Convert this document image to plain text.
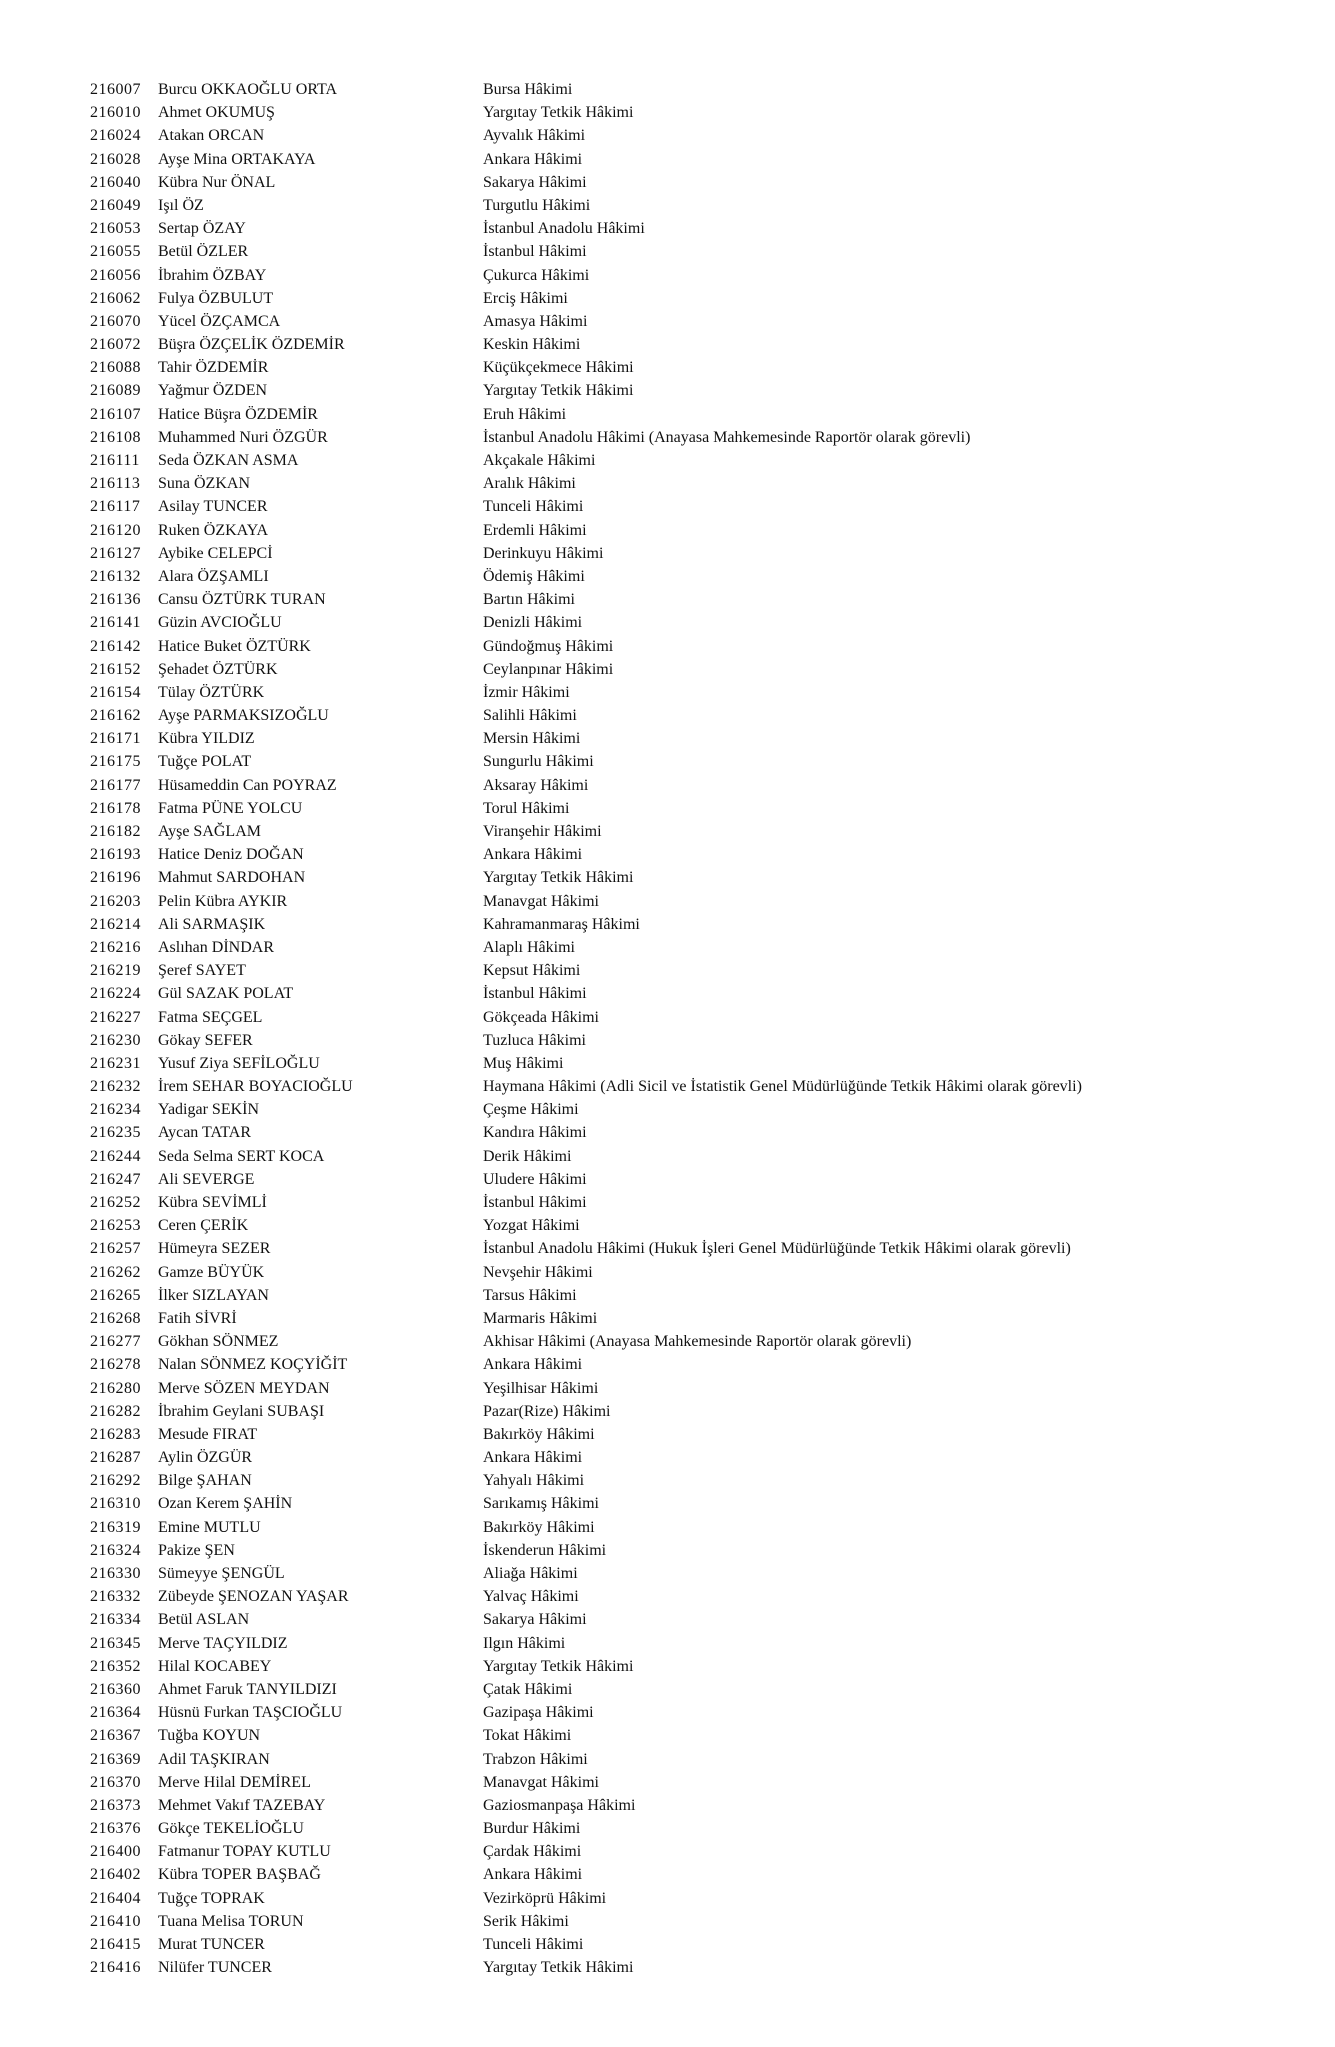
216007	Burcu OKKAOĞLU ORTA	Bursa Hâkimi
216010	Ahmet OKUMUŞ	Yargıtay Tetkik Hâkimi
216024	Atakan ORCAN	Ayvalık Hâkimi
216028	Ayşe Mina ORTAKAYA	Ankara Hâkimi
216040	Kübra Nur ÖNAL	Sakarya Hâkimi
216049	Işıl ÖZ	Turgutlu Hâkimi
216053	Sertap ÖZAY	İstanbul Anadolu Hâkimi
216055	Betül ÖZLER	İstanbul Hâkimi
216056	İbrahim ÖZBAY	Çukurca Hâkimi
216062	Fulya ÖZBULUT	Erciş Hâkimi
216070	Yücel ÖZÇAMCA	Amasya Hâkimi
216072	Büşra ÖZÇELİK ÖZDEMİR	Keskin Hâkimi
216088	Tahir ÖZDEMİR	Küçükçekmece Hâkimi
216089	Yağmur ÖZDEN	Yargıtay Tetkik Hâkimi
216107	Hatice Büşra ÖZDEMİR	Eruh Hâkimi
216108	Muhammed Nuri ÖZGÜR	İstanbul Anadolu Hâkimi (Anayasa Mahkemesinde Raportör olarak görevli)
216111	Seda ÖZKAN ASMA	Akçakale Hâkimi
216113	Suna ÖZKAN	Aralık Hâkimi
216117	Asilay TUNCER	Tunceli Hâkimi
216120	Ruken ÖZKAYA	Erdemli Hâkimi
216127	Aybike CELEPCİ	Derinkuyu Hâkimi
216132	Alara ÖZŞAMLI	Ödemiş Hâkimi
216136	Cansu ÖZTÜRK TURAN	Bartın Hâkimi
216141	Güzin AVCIOĞLU	Denizli Hâkimi
216142	Hatice Buket ÖZTÜRK	Gündoğmuş Hâkimi
216152	Şehadet ÖZTÜRK	Ceylanpınar Hâkimi
216154	Tülay ÖZTÜRK	İzmir Hâkimi
216162	Ayşe PARMAKSIZOĞLU	Salihli Hâkimi
216171	Kübra YILDIZ	Mersin Hâkimi
216175	Tuğçe POLAT	Sungurlu Hâkimi
216177	Hüsameddin Can POYRAZ	Aksaray Hâkimi
216178	Fatma PÜNE YOLCU	Torul Hâkimi
216182	Ayşe SAĞLAM	Viranşehir Hâkimi
216193	Hatice Deniz DOĞAN	Ankara Hâkimi
216196	Mahmut SARDOHAN	Yargıtay Tetkik Hâkimi
216203	Pelin Kübra AYKIR	Manavgat Hâkimi
216214	Ali SARMAŞIK	Kahramanmaraş Hâkimi
216216	Aslıhan DİNDAR	Alaplı Hâkimi
216219	Şeref SAYET	Kepsut Hâkimi
216224	Gül SAZAK POLAT	İstanbul Hâkimi
216227	Fatma SEÇGEL	Gökçeada Hâkimi
216230	Gökay SEFER	Tuzluca Hâkimi
216231	Yusuf Ziya SEFİLOĞLU	Muş Hâkimi
216232	İrem SEHAR BOYACIOĞLU	Haymana Hâkimi (Adli Sicil ve İstatistik Genel Müdürlüğünde Tetkik Hâkimi olarak görevli)
216234	Yadigar SEKİN	Çeşme Hâkimi
216235	Aycan TATAR	Kandıra Hâkimi
216244	Seda Selma SERT KOCA	Derik Hâkimi
216247	Ali SEVERGE	Uludere Hâkimi
216252	Kübra SEVİMLİ	İstanbul Hâkimi
216253	Ceren ÇERİK	Yozgat Hâkimi
216257	Hümeyra SEZER	İstanbul Anadolu Hâkimi (Hukuk İşleri Genel Müdürlüğünde Tetkik Hâkimi olarak görevli)
216262	Gamze BÜYÜK	Nevşehir Hâkimi
216265	İlker SIZLAYAN	Tarsus Hâkimi
216268	Fatih SİVRİ	Marmaris Hâkimi
216277	Gökhan SÖNMEZ	Akhisar Hâkimi (Anayasa Mahkemesinde Raportör olarak görevli)
216278	Nalan SÖNMEZ KOÇYİĞİT	Ankara Hâkimi
216280	Merve SÖZEN MEYDAN	Yeşilhisar Hâkimi
216282	İbrahim Geylani SUBAŞI	Pazar(Rize) Hâkimi
216283	Mesude FIRAT	Bakırköy Hâkimi
216287	Aylin ÖZGÜR	Ankara Hâkimi
216292	Bilge ŞAHAN	Yahyalı Hâkimi
216310	Ozan Kerem ŞAHİN	Sarıkamış Hâkimi
216319	Emine MUTLU	Bakırköy Hâkimi
216324	Pakize ŞEN	İskenderun Hâkimi
216330	Sümeyye ŞENGÜL	Aliağa Hâkimi
216332	Zübeyde ŞENOZAN YAŞAR	Yalvaç Hâkimi
216334	Betül ASLAN	Sakarya Hâkimi
216345	Merve TAÇYILDIZ	Ilgın Hâkimi
216352	Hilal KOCABEY	Yargıtay Tetkik Hâkimi
216360	Ahmet Faruk TANYILDIZI	Çatak Hâkimi
216364	Hüsnü Furkan TAŞCIOĞLU	Gazipaşa Hâkimi
216367	Tuğba KOYUN	Tokat Hâkimi
216369	Adil TAŞKIRAN	Trabzon Hâkimi
216370	Merve Hilal DEMİREL	Manavgat Hâkimi
216373	Mehmet Vakıf TAZEBAY	Gaziosmanpaşa Hâkimi
216376	Gökçe TEKELİOĞLU	Burdur Hâkimi
216400	Fatmanur TOPAY KUTLU	Çardak Hâkimi
216402	Kübra TOPER BAŞBAĞ	Ankara Hâkimi
216404	Tuğçe TOPRAK	Vezirköprü Hâkimi
216410	Tuana Melisa TORUN	Serik Hâkimi
216415	Murat TUNCER	Tunceli Hâkimi
216416	Nilüfer TUNCER	Yargıtay Tetkik Hâkimi
